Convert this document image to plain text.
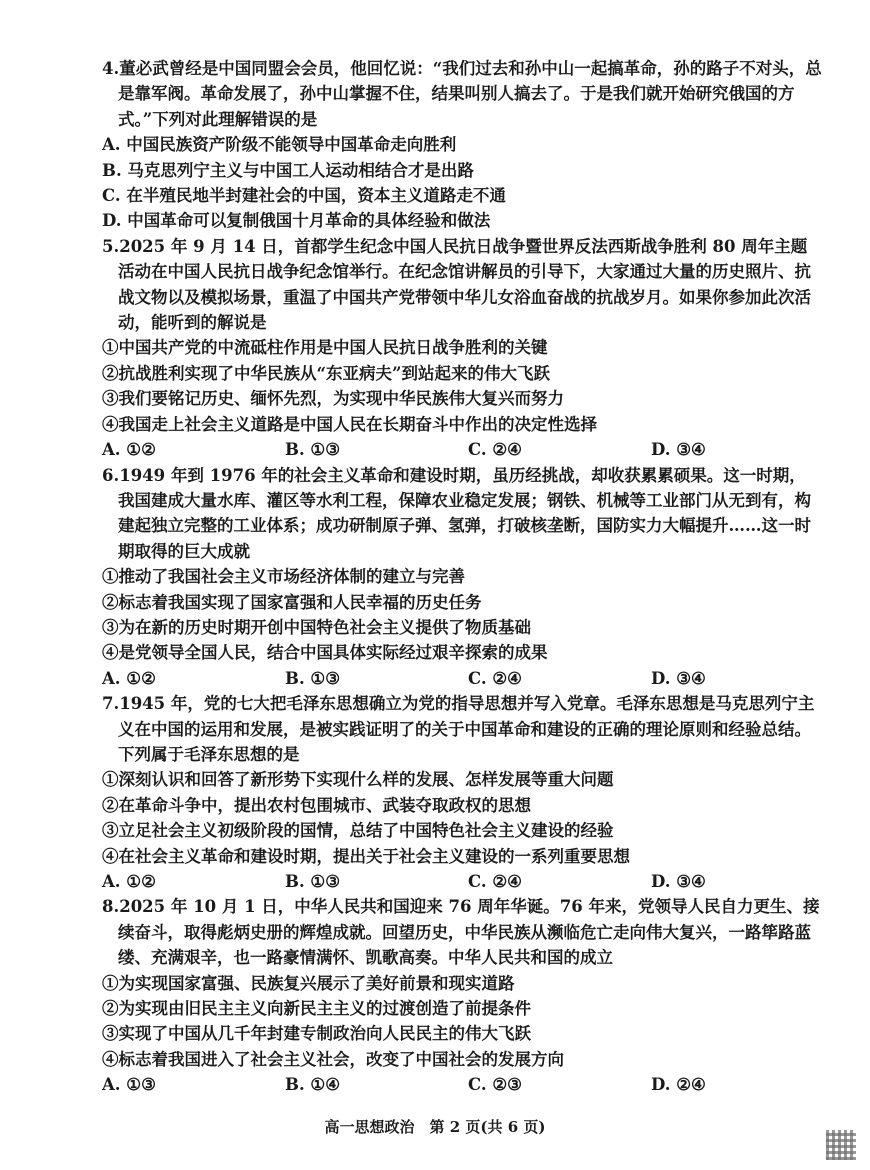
4.董必武曾经是中国同盟会会员，他回忆说：“我们过去和孙中山一起搞革命，孙的路子不对头，总是靠军阀。革命发展了，孙中山掌握不住，结果叫别人搞去了。于是我们就开始研究俄国的方式。”下列对此理解错误的是

A. 中国民族资产阶级不能领导中国革命走向胜利

B. 马克思列宁主义与中国工人运动相结合才是出路

C. 在半殖民地半封建社会的中国，资本主义道路走不通

D. 中国革命可以复制俄国十月革命的具体经验和做法

5.2025 年 9 月 14 日，首都学生纪念中国人民抗日战争暨世界反法西斯战争胜利 80 周年主题活动在中国人民抗日战争纪念馆举行。在纪念馆讲解员的引导下，大家通过大量的历史照片、抗战文物以及模拟场景，重温了中国共产党带领中华儿女浴血奋战的抗战岁月。如果你参加此次活动，能听到的解说是

①中国共产党的中流砥柱作用是中国人民抗日战争胜利的关键

②抗战胜利实现了中华民族从“东亚病夫”到站起来的伟大飞跃

③我们要铭记历史、缅怀先烈，为实现中华民族伟大复兴而努力

④我国走上社会主义道路是中国人民在长期奋斗中作出的决定性选择

A. ①②	B. ①③	C. ②④	D. ③④

6.1949 年到 1976 年的社会主义革命和建设时期，虽历经挑战，却收获累累硕果。这一时期，我国建成大量水库、灌区等水利工程，保障农业稳定发展；钢铁、机械等工业部门从无到有，构建起独立完整的工业体系；成功研制原子弹、氢弹，打破核垄断，国防实力大幅提升……这一时期取得的巨大成就

①推动了我国社会主义市场经济体制的建立与完善

②标志着我国实现了国家富强和人民幸福的历史任务

③为在新的历史时期开创中国特色社会主义提供了物质基础

④是党领导全国人民，结合中国具体实际经过艰辛探索的成果

A. ①②	B. ①③	C. ②④	D. ③④

7.1945 年，党的七大把毛泽东思想确立为党的指导思想并写入党章。毛泽东思想是马克思列宁主义在中国的运用和发展，是被实践证明了的关于中国革命和建设的正确的理论原则和经验总结。下列属于毛泽东思想的是

①深刻认识和回答了新形势下实现什么样的发展、怎样发展等重大问题

②在革命斗争中，提出农村包围城市、武装夺取政权的思想

③立足社会主义初级阶段的国情，总结了中国特色社会主义建设的经验

④在社会主义革命和建设时期，提出关于社会主义建设的一系列重要思想

A. ①②	B. ①③	C. ②④	D. ③④

8.2025 年 10 月 1 日，中华人民共和国迎来 76 周年华诞。76 年来，党领导人民自力更生、接续奋斗，取得彪炳史册的辉煌成就。回望历史，中华民族从濒临危亡走向伟大复兴，一路筚路蓝缕、充满艰辛，也一路豪情满怀、凯歌高奏。中华人民共和国的成立

①为实现国家富强、民族复兴展示了美好前景和现实道路

②为实现由旧民主主义向新民主主义的过渡创造了前提条件

③实现了中国从几千年封建专制政治向人民民主的伟大飞跃

④标志着我国进入了社会主义社会，改变了中国社会的发展方向

A. ①③	B. ①④	C. ②③	D. ②④
高一思想政治　第 2 页(共 6 页)
